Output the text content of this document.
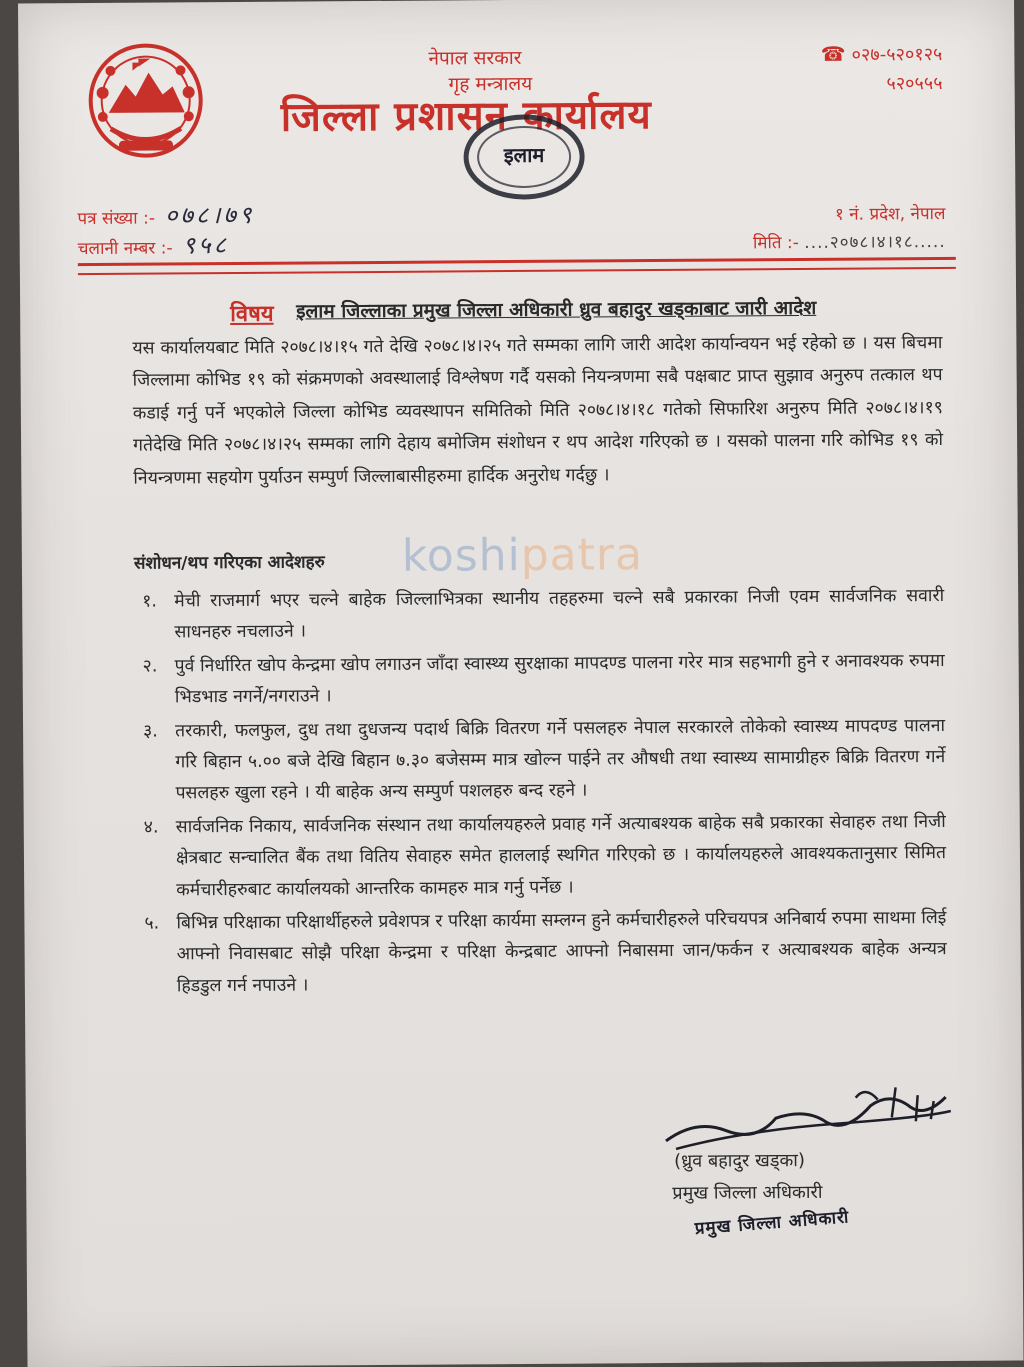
नेपाल सरकार
गृह मन्त्रालय
जिल्ला प्रशासन कार्यालय
☎ ०२७-५२०१२५
५२०५५५
इलाम
पत्र संख्या :- ०७८।७९
चलानी नम्बर :- ९५८
१ नं. प्रदेश, नेपाल
मिति :- ....२०७८।४।१८.....
विषय इलाम जिल्लाका प्रमुख जिल्ला अधिकारी ध्रुव बहादुर खड्काबाट जारी आदेश
यस कार्यालयबाट मिति २०७८।४।१५ गते देखि २०७८।४।२५ गते सम्मका लागि जारी आदेश कार्यान्वयन भई रहेको छ । यस बिचमा जिल्लामा कोभिड १९ को संक्रमणको अवस्थालाई विश्लेषण गर्दै यसको नियन्त्रणमा सबै पक्षबाट प्राप्त सुझाव अनुरुप तत्काल थप कडाई गर्नु पर्ने भएकोले जिल्ला कोभिड व्यवस्थापन समितिको मिति २०७८।४।१८ गतेको सिफारिश अनुरुप मिति २०७८।४।१९ गतेदेखि मिति २०७८।४।२५ सम्मका लागि देहाय बमोजिम संशोधन र थप आदेश गरिएको छ । यसको पालना गरि कोभिड १९ को नियन्त्रणमा सहयोग पुर्याउन सम्पुर्ण जिल्लाबासीहरुमा हार्दिक अनुरोध गर्दछु ।
koshipatra
संशोधन/थप गरिएका आदेशहरु
१. मेची राजमार्ग भएर चल्ने बाहेक जिल्लाभित्रका स्थानीय तहहरुमा चल्ने सबै प्रकारका निजी एवम सार्वजनिक सवारी साधनहरु नचलाउने ।
२. पुर्व निर्धारित खोप केन्द्रमा खोप लगाउन जाँदा स्वास्थ्य सुरक्षाका मापदण्ड पालना गरेर मात्र सहभागी हुने र अनावश्यक रुपमा भिडभाड नगर्ने/नगराउने ।
३. तरकारी, फलफुल, दुध तथा दुधजन्य पदार्थ बिक्रि वितरण गर्ने पसलहरु नेपाल सरकारले तोकेको स्वास्थ्य मापदण्ड पालना गरि बिहान ५.०० बजे देखि बिहान ७.३० बजेसम्म मात्र खोल्न पाईने तर औषधी तथा स्वास्थ्य सामाग्रीहरु बिक्रि वितरण गर्ने पसलहरु खुला रहने । यी बाहेक अन्य सम्पुर्ण पशलहरु बन्द रहने ।
४. सार्वजनिक निकाय, सार्वजनिक संस्थान तथा कार्यालयहरुले प्रवाह गर्ने अत्याबश्यक बाहेक सबै प्रकारका सेवाहरु तथा निजी क्षेत्रबाट सन्चालित बैंक तथा वितिय सेवाहरु समेत हाललाई स्थगित गरिएको छ । कार्यालयहरुले आवश्यकतानुसार सिमित कर्मचारीहरुबाट कार्यालयको आन्तरिक कामहरु मात्र गर्नु पर्नेछ ।
५. बिभिन्न परिक्षाका परिक्षार्थीहरुले प्रवेशपत्र र परिक्षा कार्यमा सम्लग्न हुने कर्मचारीहरुले परिचयपत्र अनिबार्य रुपमा साथमा लिई आफ्नो निवासबाट सोझै परिक्षा केन्द्रमा र परिक्षा केन्द्रबाट आफ्नो निबासमा जान/फर्कन र अत्याबश्यक बाहेक अन्यत्र हिडडुल गर्न नपाउने ।
(ध्रुव बहादुर खड्का)
प्रमुख जिल्ला अधिकारी
प्रमुख जिल्ला अधिकारी
